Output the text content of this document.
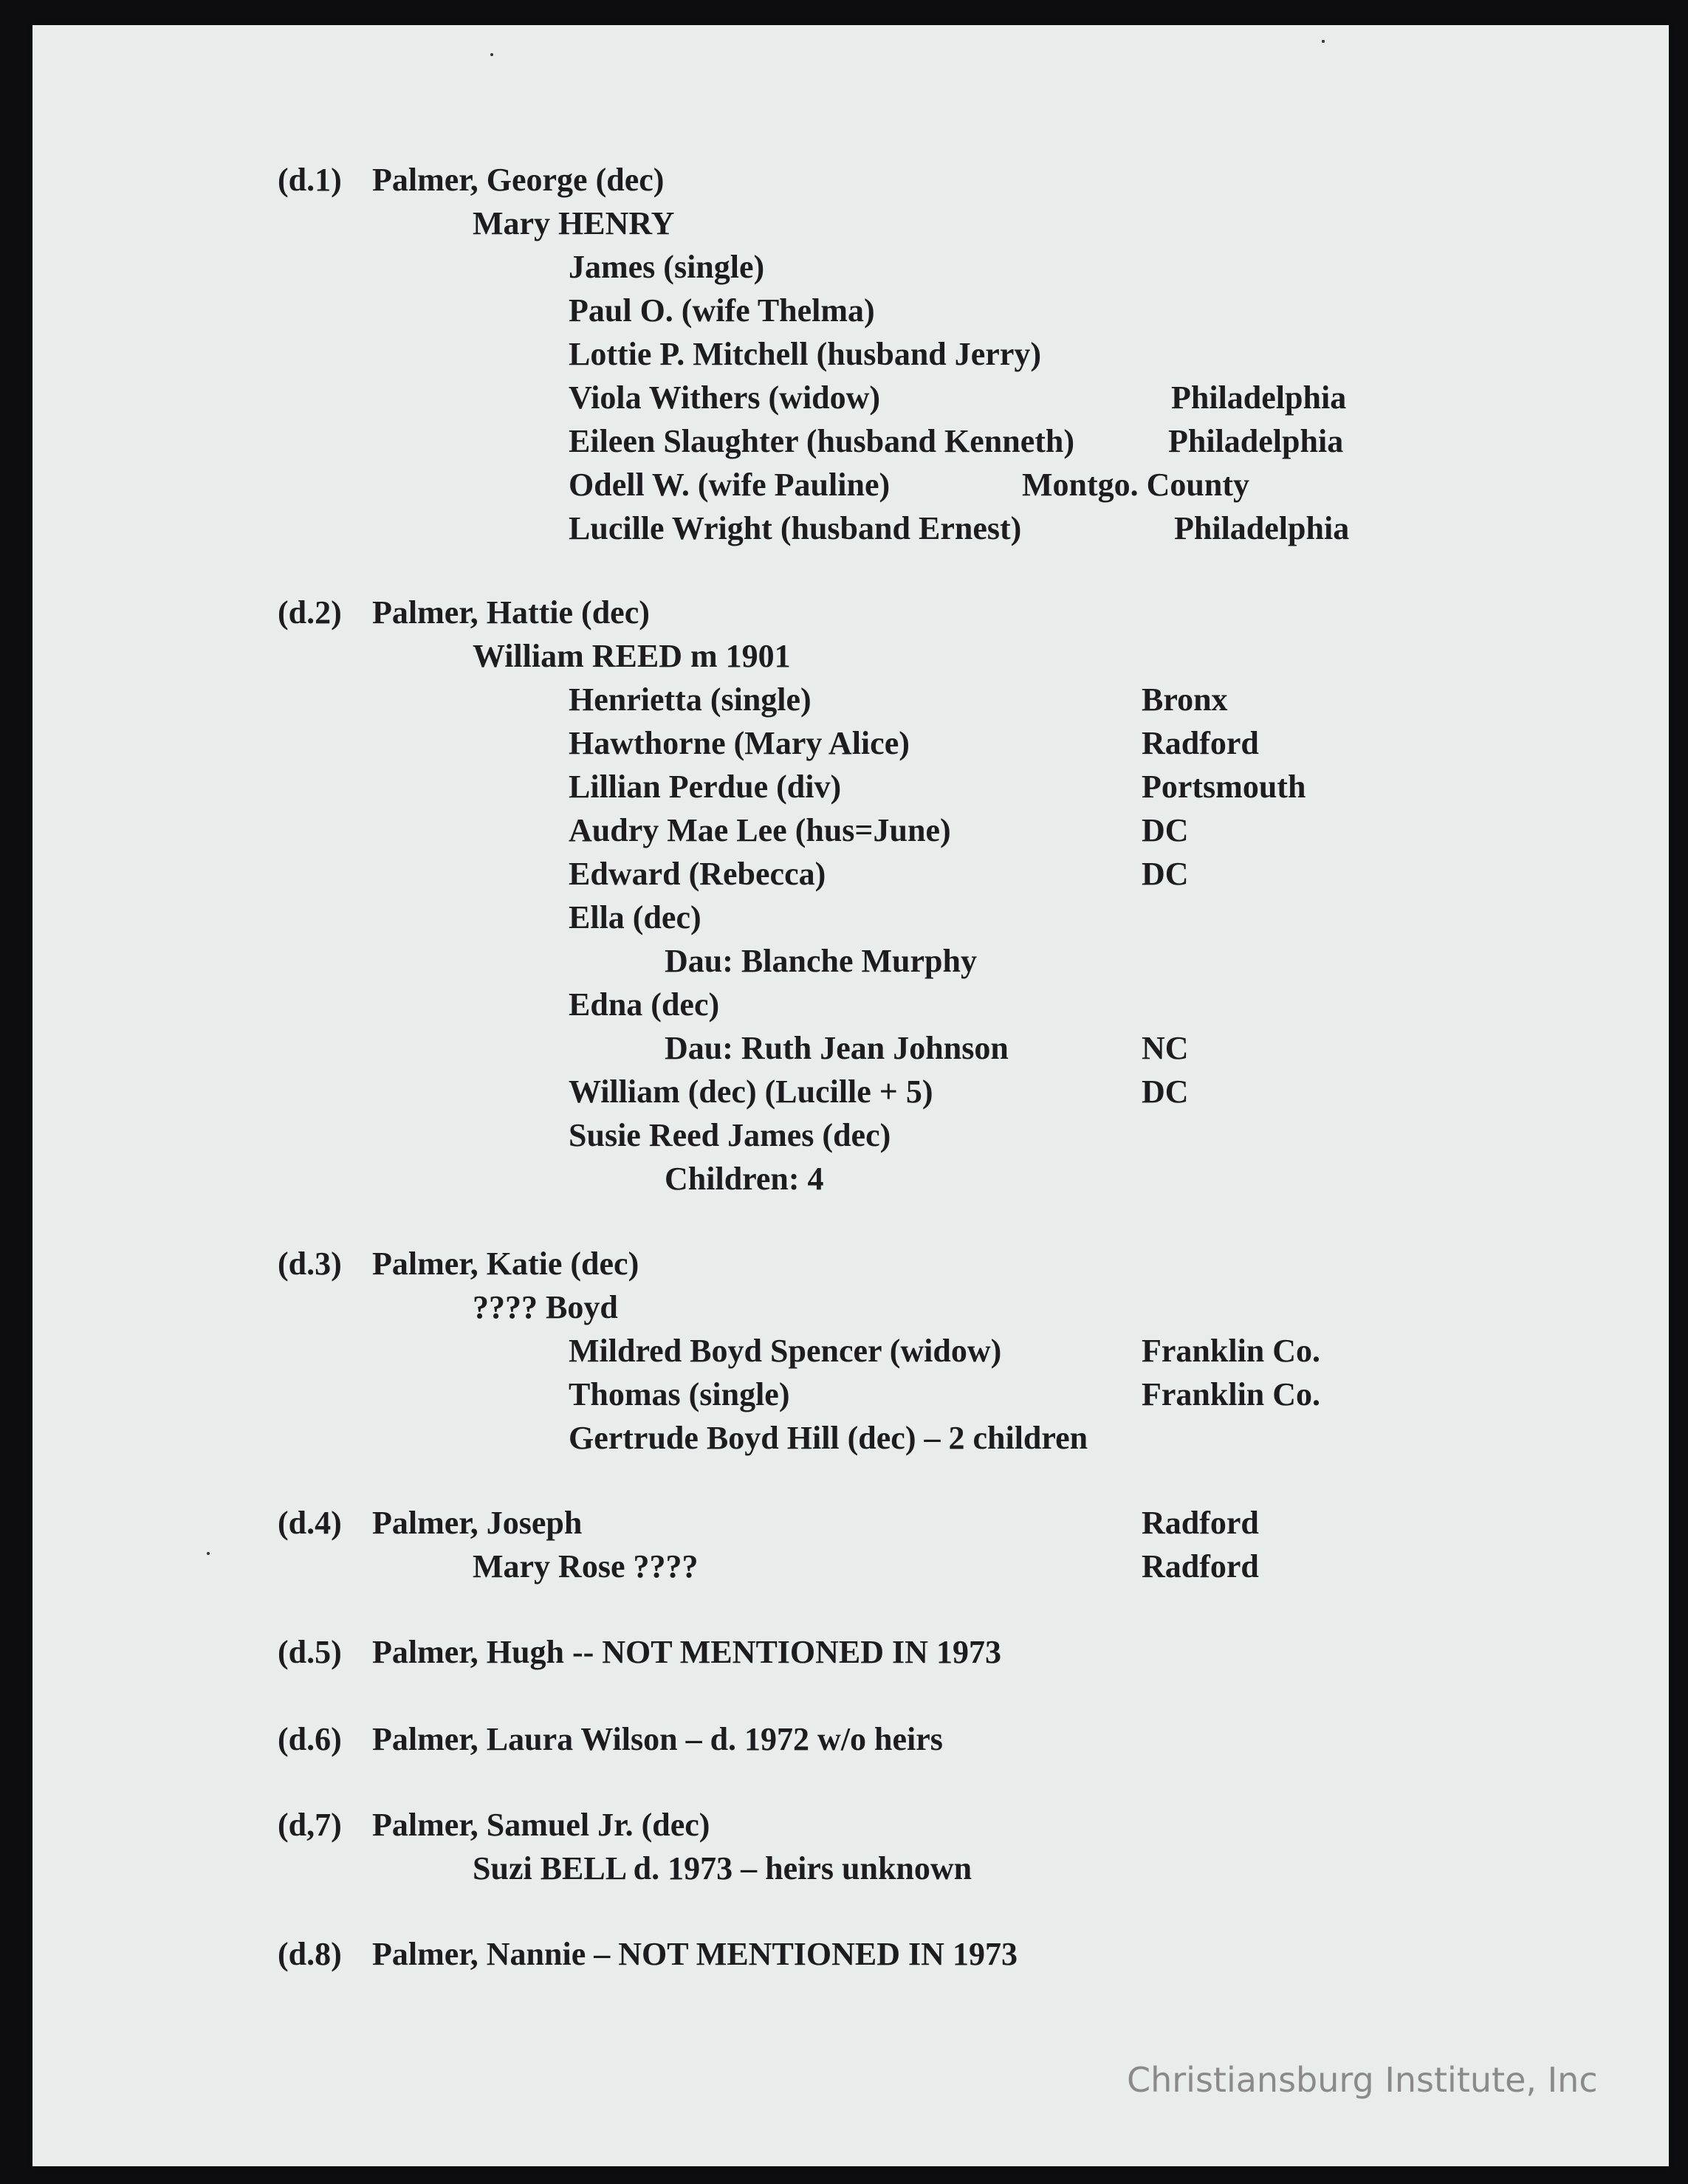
(d.1) Palmer, George (dec)
Mary HENRY
James (single)
Paul O. (wife Thelma)
Lottie P. Mitchell (husband Jerry)
Viola Withers (widow)	Philadelphia
Eileen Slaughter (husband Kenneth)	Philadelphia
Odell W. (wife Pauline)	Montgo. County
Lucille Wright (husband Ernest)	Philadelphia
(d.2) Palmer, Hattie (dec)
William REED m 1901
Henrietta (single)	Bronx
Hawthorne (Mary Alice)	Radford
Lillian Perdue (div)	Portsmouth
Audry Mae Lee (hus=June)	DC
Edward (Rebecca)	DC
Ella (dec)
Dau: Blanche Murphy
Edna (dec)
Dau: Ruth Jean Johnson	NC
William (dec) (Lucille + 5)	DC
Susie Reed James (dec)
Children: 4
(d.3) Palmer, Katie (dec)
???? Boyd
Mildred Boyd Spencer (widow)	Franklin Co.
Thomas (single)	Franklin Co.
Gertrude Boyd Hill (dec) – 2 children
(d.4) Palmer, Joseph	Radford
Mary Rose ????	Radford
(d.5) Palmer, Hugh -- NOT MENTIONED IN 1973
(d.6) Palmer, Laura Wilson – d. 1972 w/o heirs
(d,7) Palmer, Samuel Jr. (dec)
Suzi BELL d. 1973 – heirs unknown
(d.8) Palmer, Nannie – NOT MENTIONED IN 1973
Christiansburg Institute, Inc
